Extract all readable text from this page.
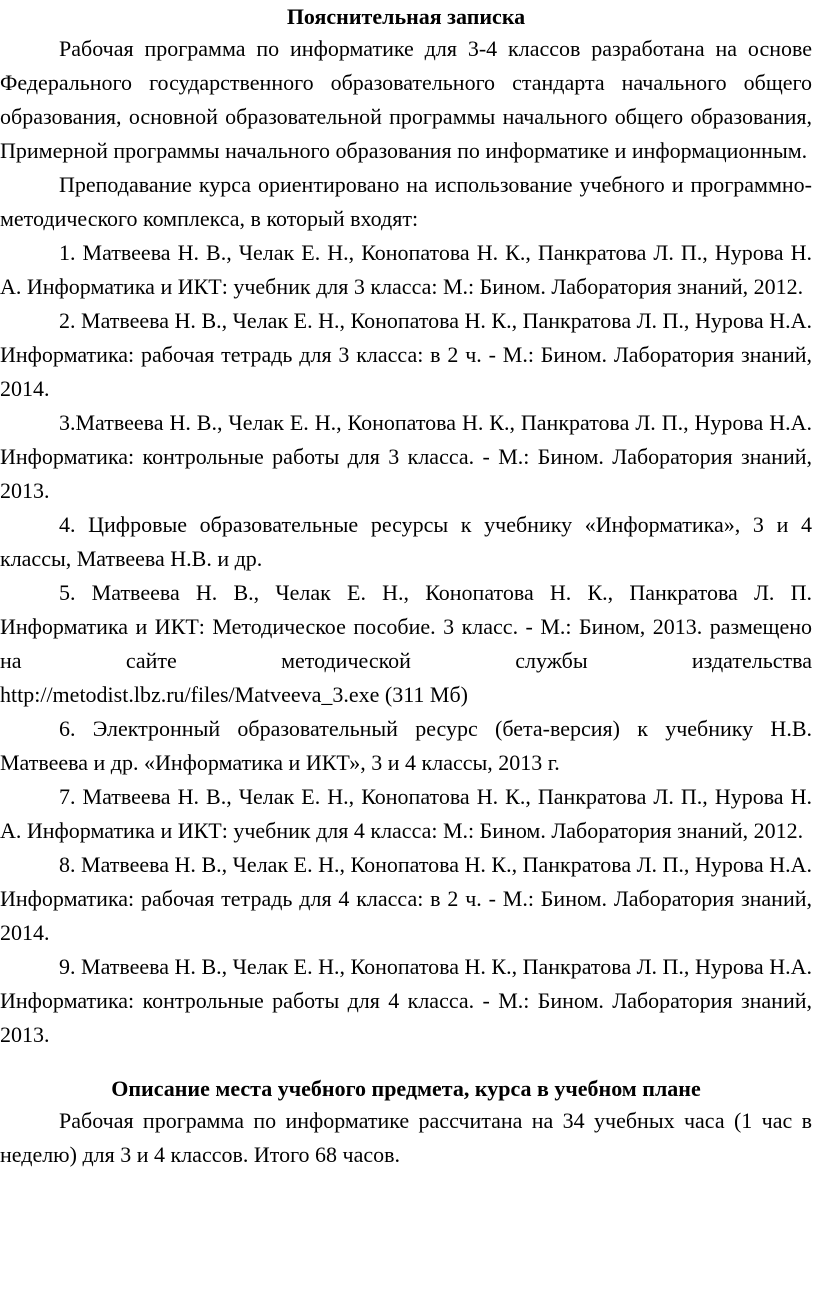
Пояснительная записка

Рабочая программа по информатике для 3-4 классов разработана на основе Федерального государственного образовательного стандарта начального общего образования, основной образовательной программы начального общего образования, Примерной программы начального образования по информатике и информационным.

Преподавание курса ориентировано на использование учебного и программно-методического комплекса, в который входят:

1. Матвеева Н. В., Челак Е. Н., Конопатова Н. К., Панкратова Л. П., Нурова Н. А. Информатика и ИКТ: учебник для 3 класса: М.: Бином. Лаборатория знаний, 2012.

2. Матвеева Н. В., Челак Е. Н., Конопатова Н. К., Панкратова Л. П., Нурова Н.А. Информатика: рабочая тетрадь для 3 класса: в 2 ч. - М.: Бином. Лаборатория знаний, 2014.

3.Матвеева Н. В., Челак Е. Н., Конопатова Н. К., Панкратова Л. П., Нурова Н.А. Информатика: контрольные работы для 3 класса. - М.: Бином. Лаборатория знаний, 2013.

4. Цифровые образовательные ресурсы к учебнику «Информатика», 3 и 4 классы, Матвеева Н.В. и др.

5. Матвеева Н. В., Челак Е. Н., Конопатова Н. К., Панкратова Л. П. Информатика и ИКТ: Методическое пособие. 3 класс. - М.: Бином, 2013. размещено на сайте методической службы издательства http://metodist.lbz.ru/files/Matveeva_3.exe (311 Мб)

6. Электронный образовательный ресурс (бета-версия) к учебнику Н.В. Матвеева и др. «Информатика и ИКТ», 3 и 4 классы, 2013 г.

7. Матвеева Н. В., Челак Е. Н., Конопатова Н. К., Панкратова Л. П., Нурова Н. А. Информатика и ИКТ: учебник для 4 класса: М.: Бином. Лаборатория знаний, 2012.

8. Матвеева Н. В., Челак Е. Н., Конопатова Н. К., Панкратова Л. П., Нурова Н.А. Информатика: рабочая тетрадь для 4 класса: в 2 ч. - М.: Бином. Лаборатория знаний, 2014.

9. Матвеева Н. В., Челак Е. Н., Конопатова Н. К., Панкратова Л. П., Нурова Н.А. Информатика: контрольные работы для 4 класса. - М.: Бином. Лаборатория знаний, 2013.

Описание места учебного предмета, курса в учебном плане

Рабочая программа по информатике рассчитана на 34 учебных часа (1 час в неделю) для 3 и 4 классов. Итого 68 часов.
